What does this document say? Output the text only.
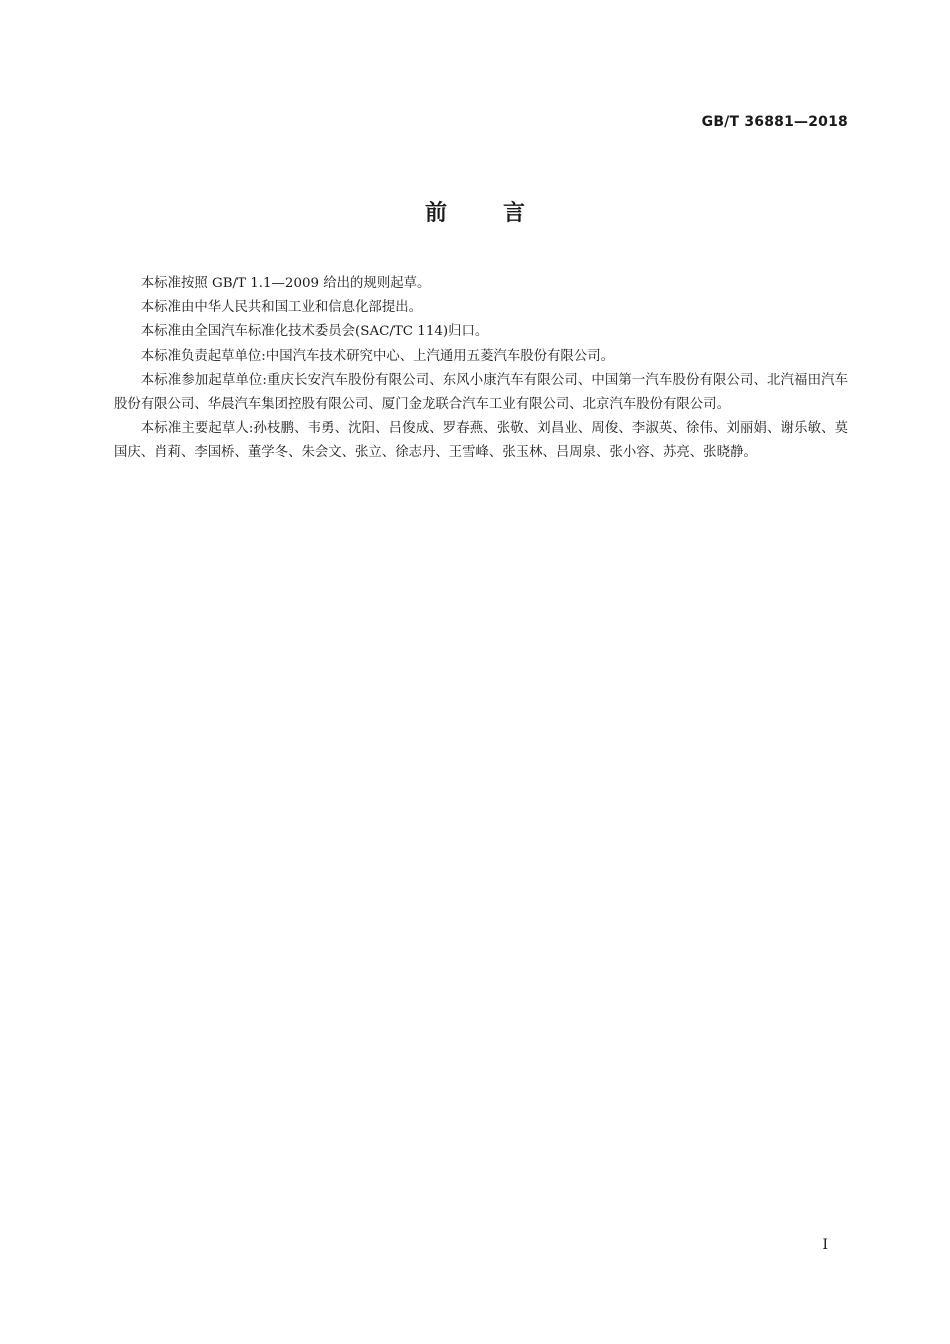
GB/T 36881—2018
前言

本标准按照 GB/T 1.1—2009 给出的规则起草。

本标准由中华人民共和国工业和信息化部提出。

本标准由全国汽车标准化技术委员会(SAC/TC 114)归口。

本标准负责起草单位:中国汽车技术研究中心、上汽通用五菱汽车股份有限公司。

本标准参加起草单位:重庆长安汽车股份有限公司、东风小康汽车有限公司、中国第一汽车股份有限公司、北汽福田汽车股份有限公司、华晨汽车集团控股有限公司、厦门金龙联合汽车工业有限公司、北京汽车股份有限公司。

本标准主要起草人:孙枝鹏、韦勇、沈阳、吕俊成、罗春燕、张敬、刘昌业、周俊、李淑英、徐伟、刘丽娟、谢乐敏、莫国庆、肖莉、李国桥、董学冬、朱会文、张立、徐志丹、王雪峰、张玉林、吕周泉、张小容、苏亮、张晓静。

I
